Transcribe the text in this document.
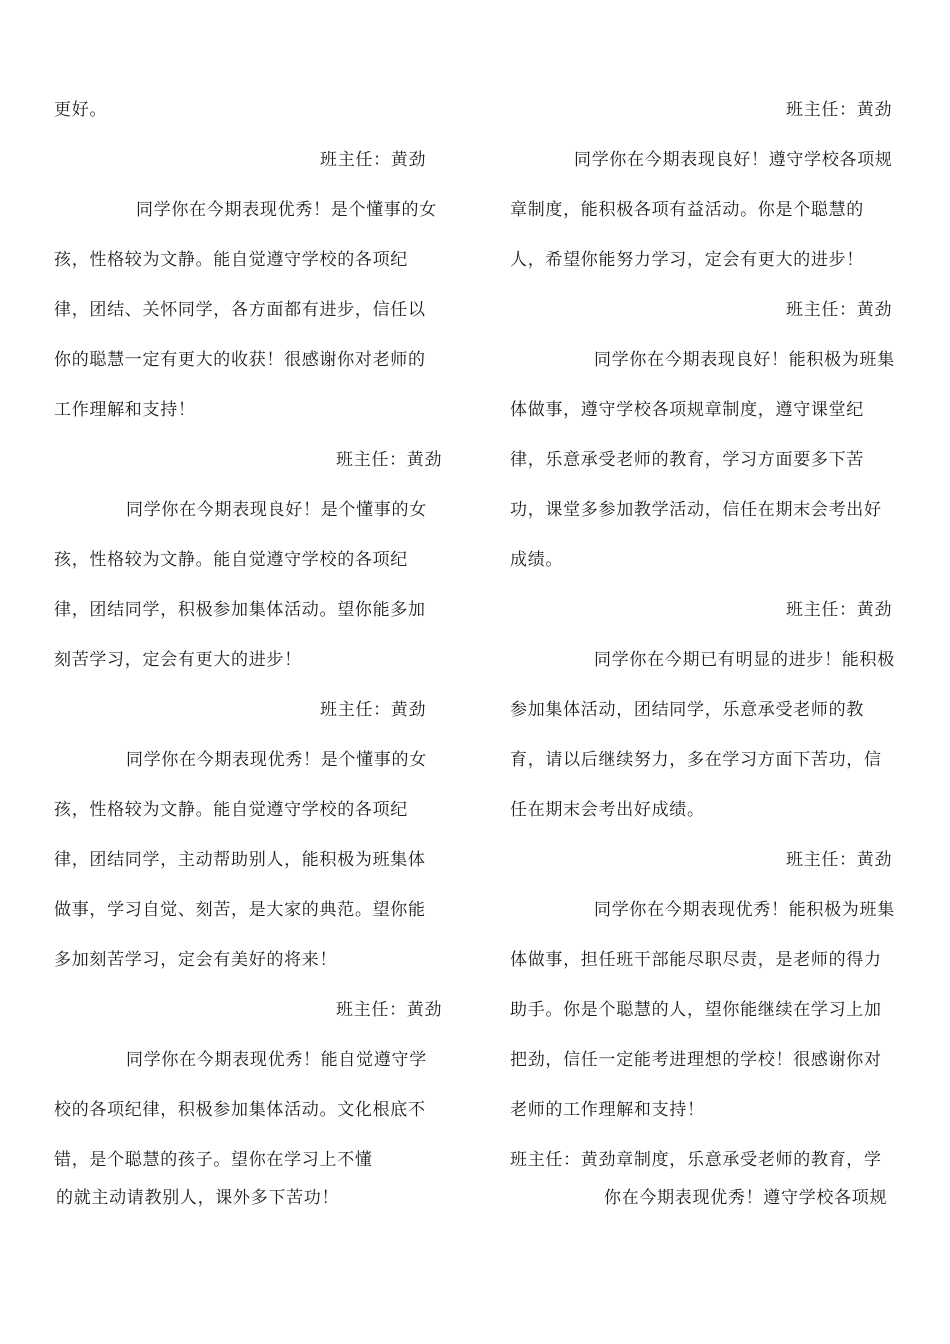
更好。
班主任：黄劲
同学你在今期表现优秀！是个懂事的女
孩，性格较为文静。能自觉遵守学校的各项纪
律，团结、关怀同学，各方面都有进步，信任以
你的聪慧一定有更大的收获！很感谢你对老师的
工作理解和支持！
班主任：黄劲
同学你在今期表现良好！是个懂事的女
孩，性格较为文静。能自觉遵守学校的各项纪
律，团结同学，积极参加集体活动。望你能多加
刻苦学习，定会有更大的进步！
班主任：黄劲
同学你在今期表现优秀！是个懂事的女
孩，性格较为文静。能自觉遵守学校的各项纪
律，团结同学，主动帮助别人，能积极为班集体
做事，学习自觉、刻苦，是大家的典范。望你能
多加刻苦学习，定会有美好的将来！
班主任：黄劲
同学你在今期表现优秀！能自觉遵守学
校的各项纪律，积极参加集体活动。文化根底不
错，是个聪慧的孩子。望你在学习上不懂
的就主动请教别人，课外多下苦功！
班主任：黄劲
同学你在今期表现良好！遵守学校各项规
章制度，能积极各项有益活动。你是个聪慧的
人，希望你能努力学习，定会有更大的进步！
班主任：黄劲
同学你在今期表现良好！能积极为班集
体做事，遵守学校各项规章制度，遵守课堂纪
律，乐意承受老师的教育，学习方面要多下苦
功，课堂多参加教学活动，信任在期末会考出好
成绩。
班主任：黄劲
同学你在今期已有明显的进步！能积极
参加集体活动，团结同学，乐意承受老师的教
育，请以后继续努力，多在学习方面下苦功，信
任在期末会考出好成绩。
班主任：黄劲
同学你在今期表现优秀！能积极为班集
体做事，担任班干部能尽职尽责，是老师的得力
助手。你是个聪慧的人，望你能继续在学习上加
把劲，信任一定能考进理想的学校！很感谢你对
老师的工作理解和支持！
班主任：黄劲章制度，乐意承受老师的教育，学
你在今期表现优秀！遵守学校各项规
